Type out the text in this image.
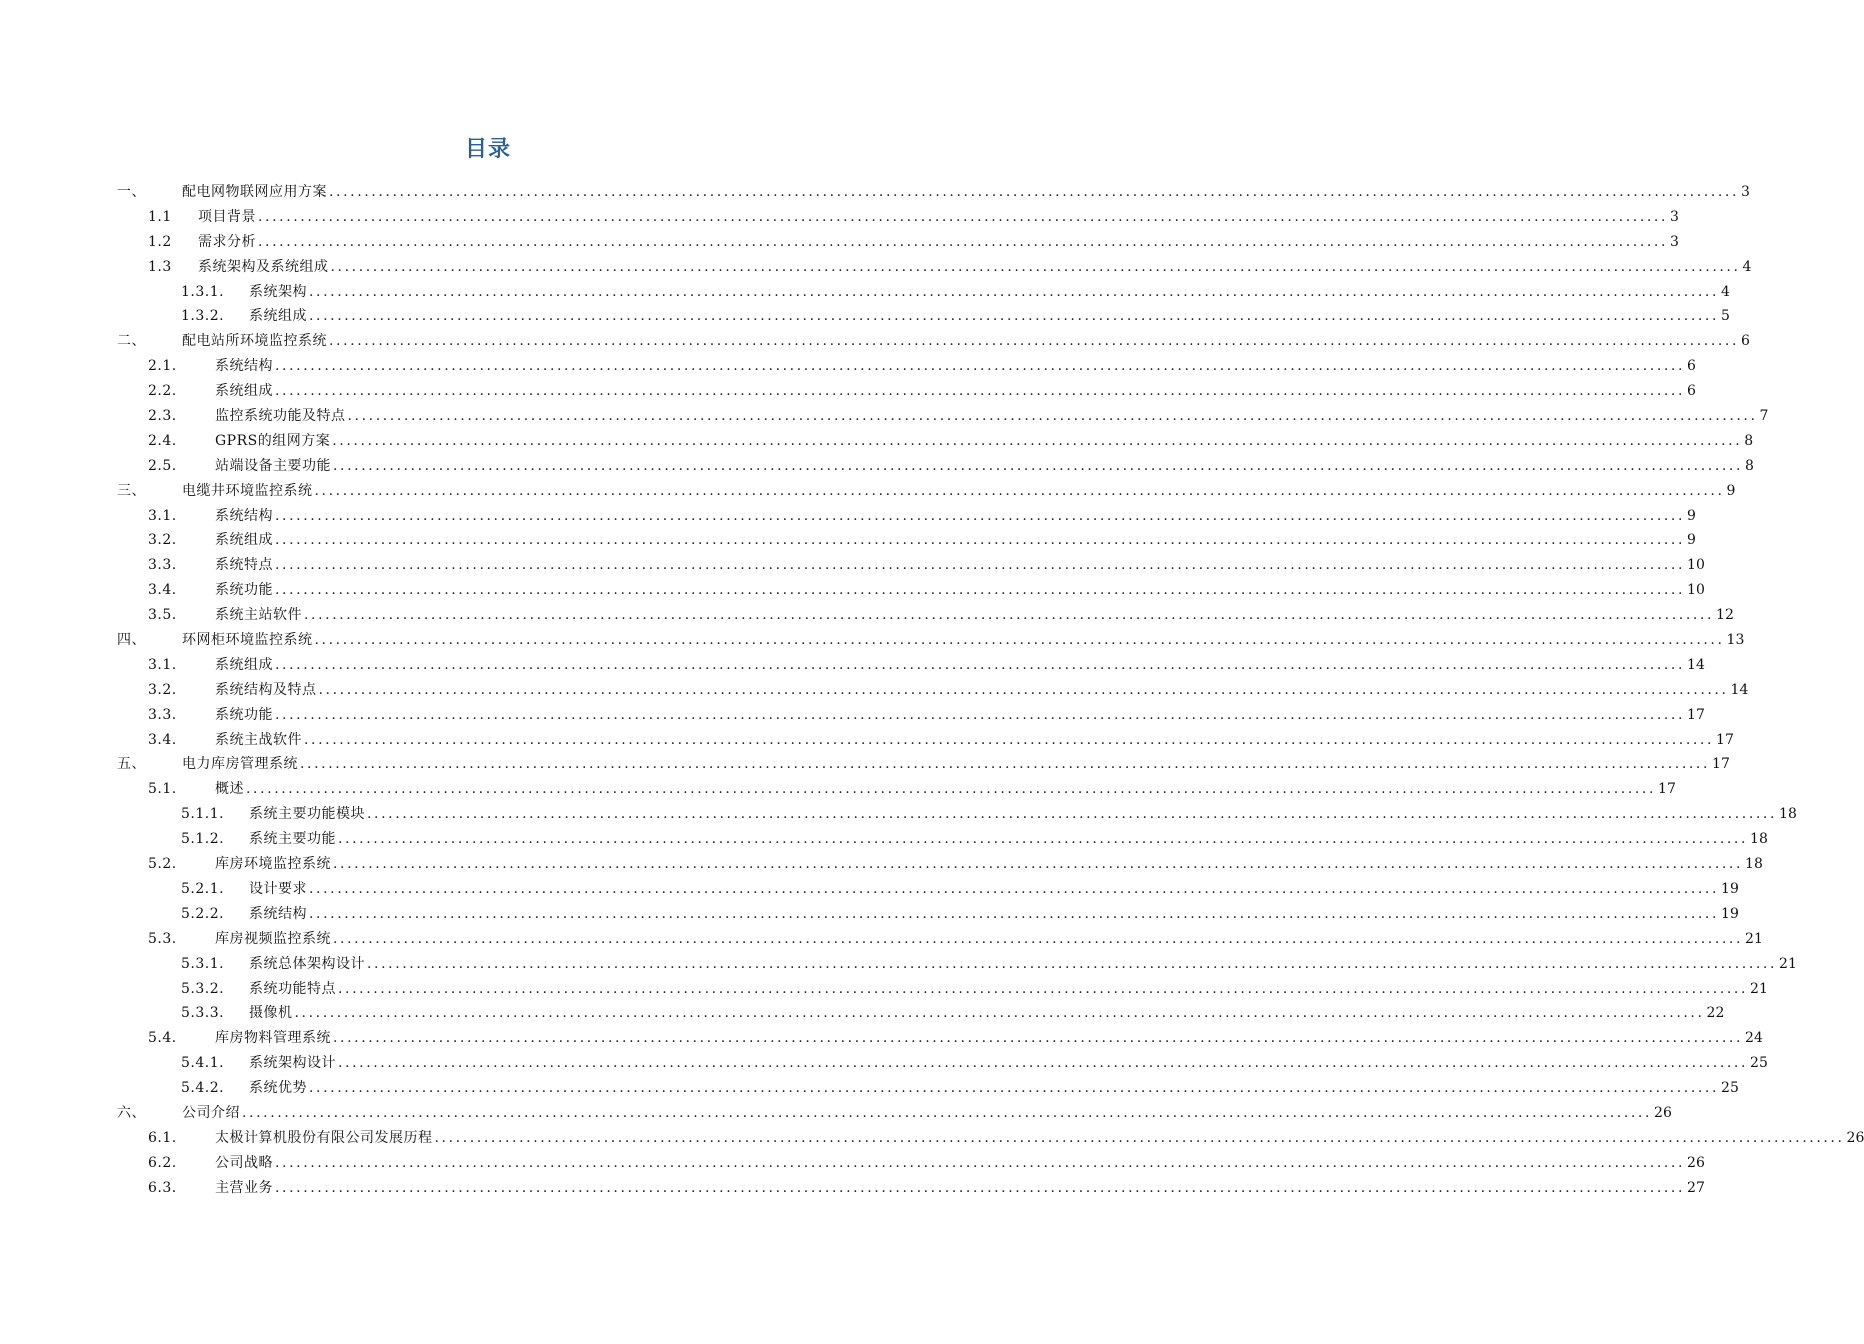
目录
一、	配电网物联网应用方案 ........................................................................................................................................................................................................ 3
1.1 项目背景 ........................................................................................................................................................................................................ 3
1.2 需求分析 ........................................................................................................................................................................................................ 3
1.3 系统架构及系统组成 ........................................................................................................................................................................................................ 4
1.3.1. 系统架构 ........................................................................................................................................................................................................ 4
1.3.2. 系统组成 ........................................................................................................................................................................................................ 5
二、	配电站所环境监控系统 ........................................................................................................................................................................................................ 6
2.1.	系统结构 ........................................................................................................................................................................................................ 6
2.2.	系统组成 ........................................................................................................................................................................................................ 6
2.3.	监控系统功能及特点 ........................................................................................................................................................................................................ 7
2.4.	GPRS的组网方案 ........................................................................................................................................................................................................ 8
2.5.	站端设备主要功能 ........................................................................................................................................................................................................ 8
三、	电缆井环境监控系统 ........................................................................................................................................................................................................ 9
3.1.	系统结构 ........................................................................................................................................................................................................ 9
3.2.	系统组成 ........................................................................................................................................................................................................ 9
3.3.	系统特点 ........................................................................................................................................................................................................ 10
3.4.	系统功能 ........................................................................................................................................................................................................ 10
3.5.	系统主站软件 ........................................................................................................................................................................................................ 12
四、	环网柜环境监控系统 ........................................................................................................................................................................................................ 13
3.1.	系统组成 ........................................................................................................................................................................................................ 14
3.2.	系统结构及特点 ........................................................................................................................................................................................................ 14
3.3.	系统功能 ........................................................................................................................................................................................................ 17
3.4.	系统主战软件 ........................................................................................................................................................................................................ 17
五、	电力库房管理系统 ........................................................................................................................................................................................................ 17
5.1.	概述 ........................................................................................................................................................................................................ 17
5.1.1. 系统主要功能模块 ........................................................................................................................................................................................................ 18
5.1.2. 系统主要功能 ........................................................................................................................................................................................................ 18
5.2.	库房环境监控系统 ........................................................................................................................................................................................................ 18
5.2.1. 设计要求 ........................................................................................................................................................................................................ 19
5.2.2. 系统结构 ........................................................................................................................................................................................................ 19
5.3.	库房视频监控系统 ........................................................................................................................................................................................................ 21
5.3.1. 系统总体架构设计 ........................................................................................................................................................................................................ 21
5.3.2. 系统功能特点 ........................................................................................................................................................................................................ 21
5.3.3. 摄像机 ........................................................................................................................................................................................................ 22
5.4.	库房物料管理系统 ........................................................................................................................................................................................................ 24
5.4.1. 系统架构设计 ........................................................................................................................................................................................................ 25
5.4.2. 系统优势 ........................................................................................................................................................................................................ 25
六、	公司介绍 ........................................................................................................................................................................................................ 26
6.1.	太极计算机股份有限公司发展历程 ........................................................................................................................................................................................................ 26
6.2.	公司战略 ........................................................................................................................................................................................................ 26
6.3.	主营业务 ........................................................................................................................................................................................................ 27
